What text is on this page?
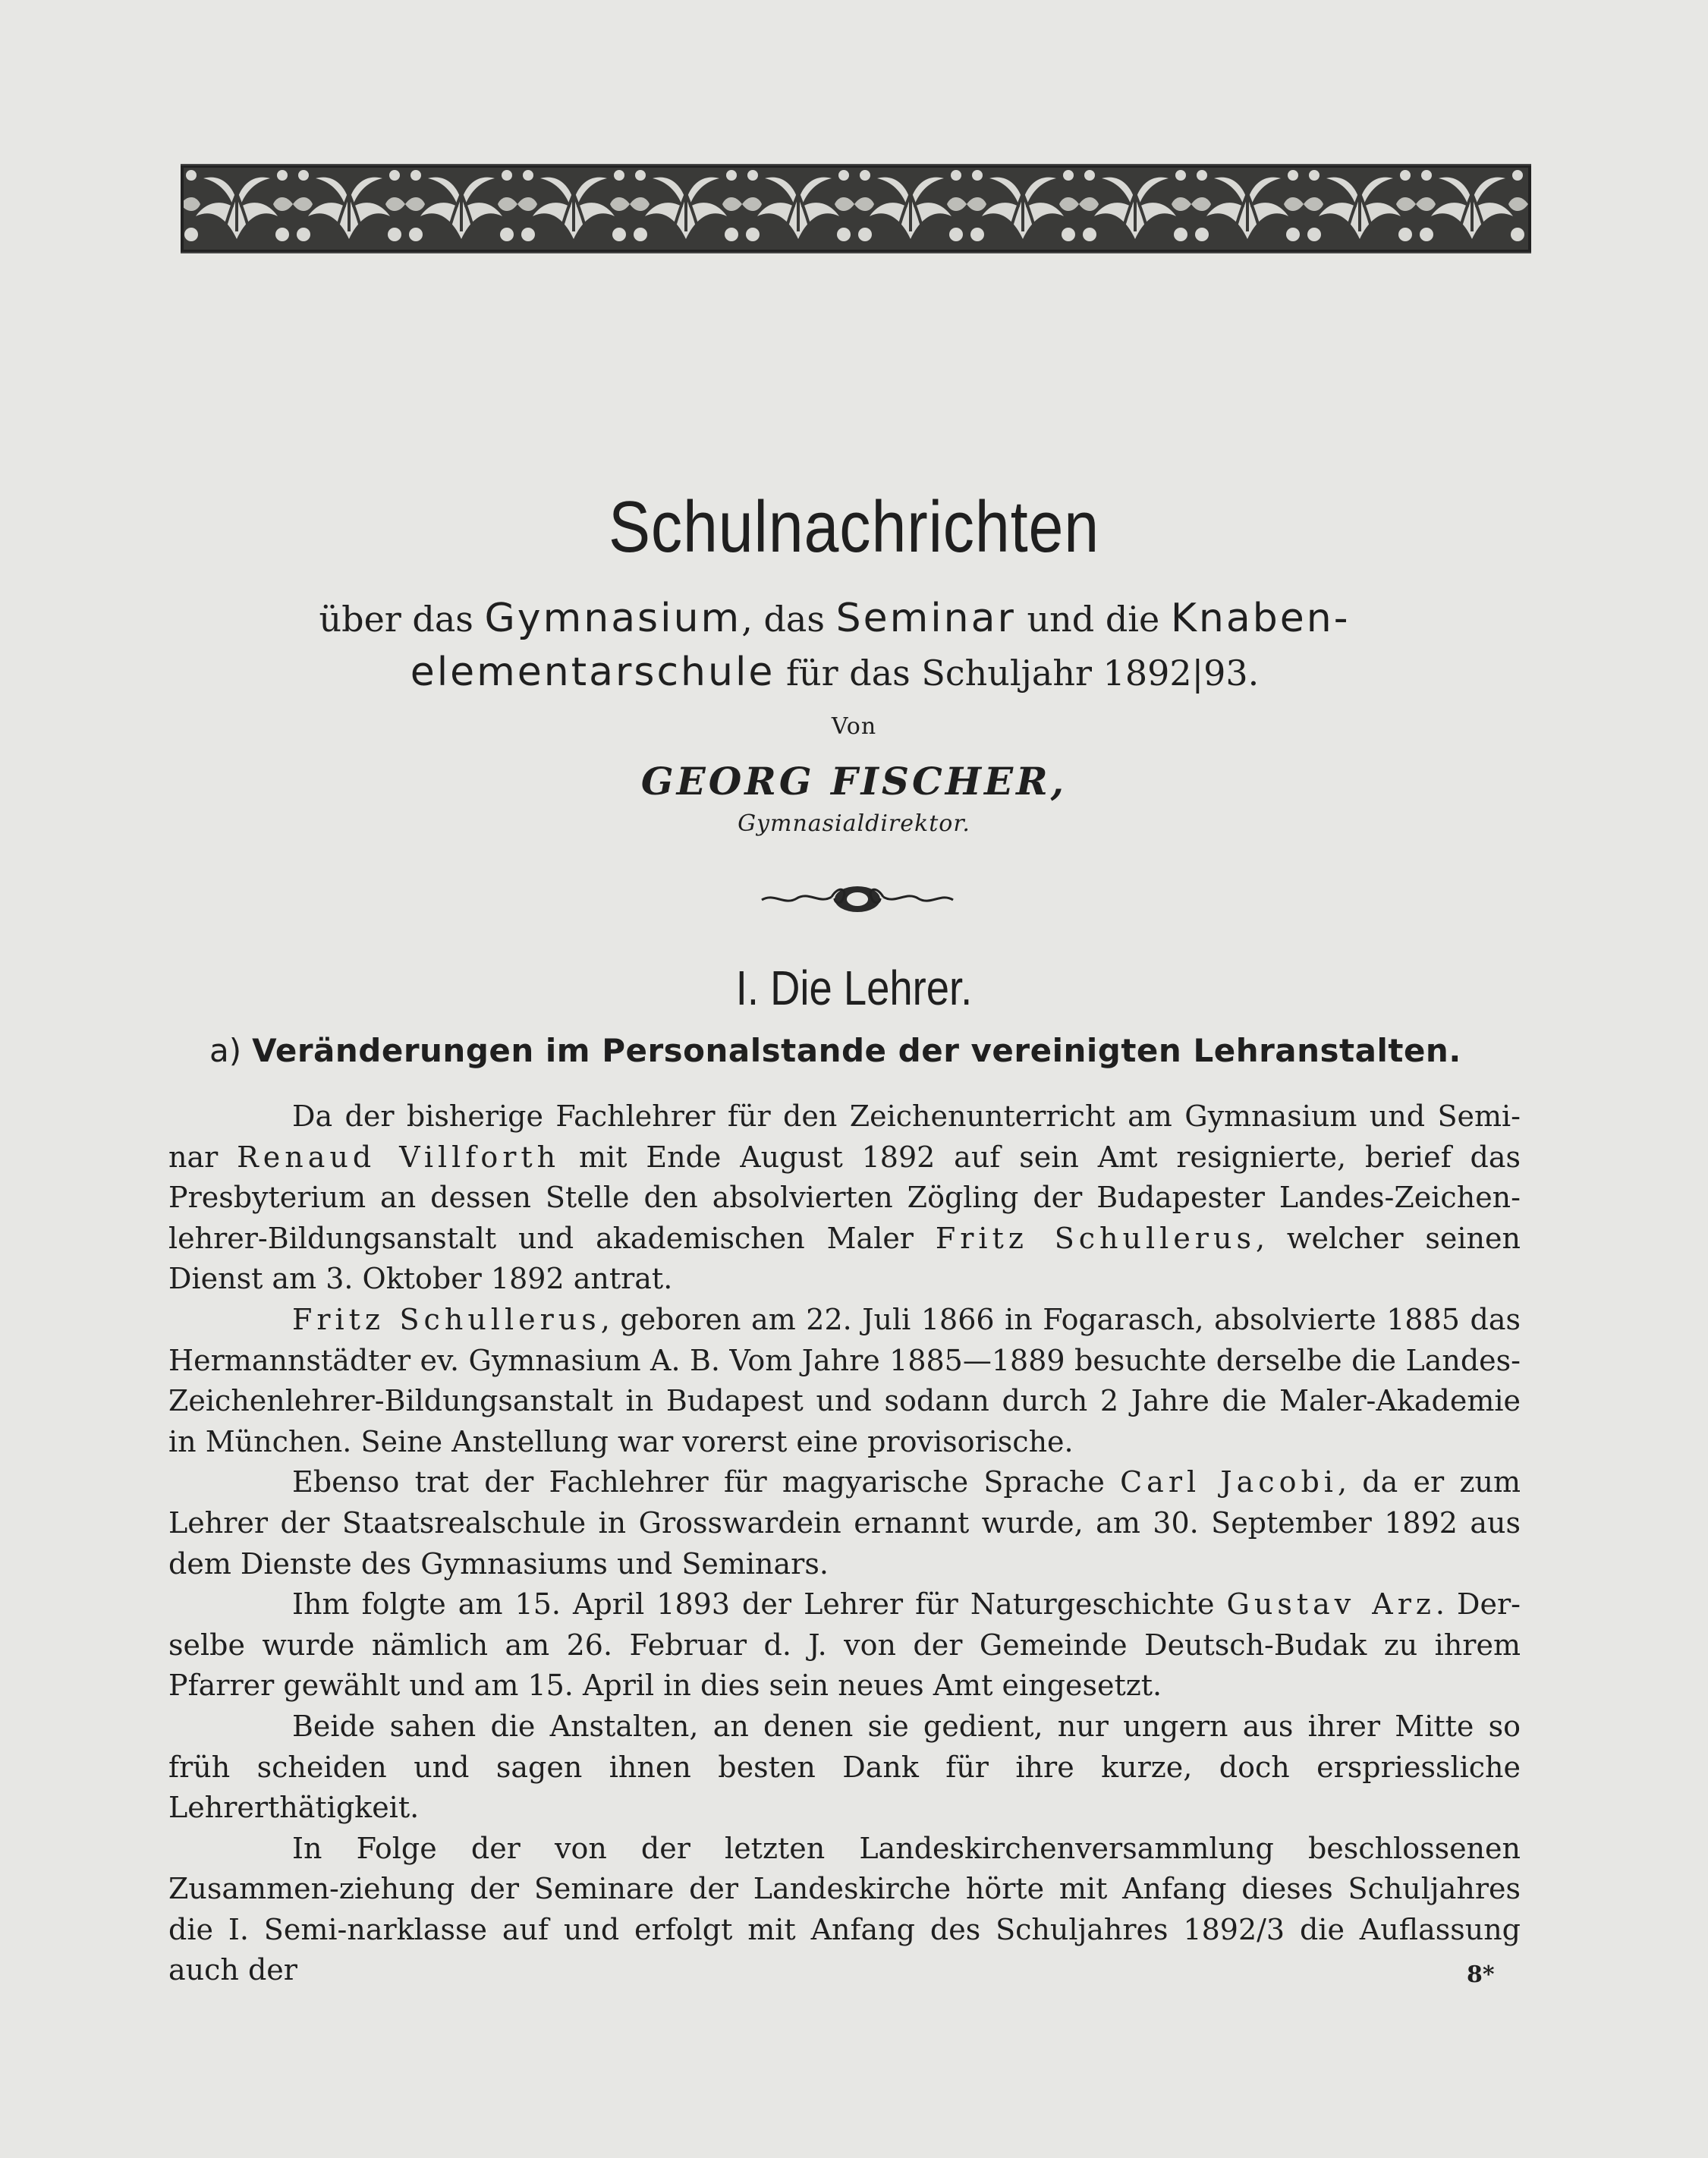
Schulnachrichten
über das Gymnasium, das Seminar und die Knaben-
elementarschule für das Schuljahr 1892|93.
Von
GEORG FISCHER,
Gymnasialdirektor.
I. Die Lehrer.
a) Veränderungen im Personalstande der vereinigten Lehranstalten.

Da der bisherige Fachlehrer für den Zeichenunterricht am Gymnasium und Semi-nar Renaud Villforth mit Ende August 1892 auf sein Amt resignierte, berief das Presbyterium an dessen Stelle den absolvierten Zögling der Budapester Landes-Zeichen-lehrer-Bildungsanstalt und akademischen Maler Fritz Schullerus, welcher seinen Dienst am 3. Oktober 1892 antrat.

Fritz Schullerus, geboren am 22. Juli 1866 in Fogarasch, absolvierte 1885 das Hermannstädter ev. Gymnasium A. B. Vom Jahre 1885—1889 besuchte derselbe die Landes-Zeichenlehrer-Bildungsanstalt in Budapest und sodann durch 2 Jahre die Maler-Akademie in München. Seine Anstellung war vorerst eine provisorische.

Ebenso trat der Fachlehrer für magyarische Sprache Carl Jacobi, da er zum Lehrer der Staatsrealschule in Grosswardein ernannt wurde, am 30. September 1892 aus dem Dienste des Gymnasiums und Seminars.

Ihm folgte am 15. April 1893 der Lehrer für Naturgeschichte Gustav Arz. Der-selbe wurde nämlich am 26. Februar d. J. von der Gemeinde Deutsch-Budak zu ihrem Pfarrer gewählt und am 15. April in dies sein neues Amt eingesetzt.

Beide sahen die Anstalten, an denen sie gedient, nur ungern aus ihrer Mitte so früh scheiden und sagen ihnen besten Dank für ihre kurze, doch erspriessliche Lehrerthätigkeit.

In Folge der von der letzten Landeskirchenversammlung beschlossenen Zusammen-ziehung der Seminare der Landeskirche hörte mit Anfang dieses Schuljahres die I. Semi-narklasse auf und erfolgt mit Anfang des Schuljahres 1892/3 die Auflassung auch der	8*
